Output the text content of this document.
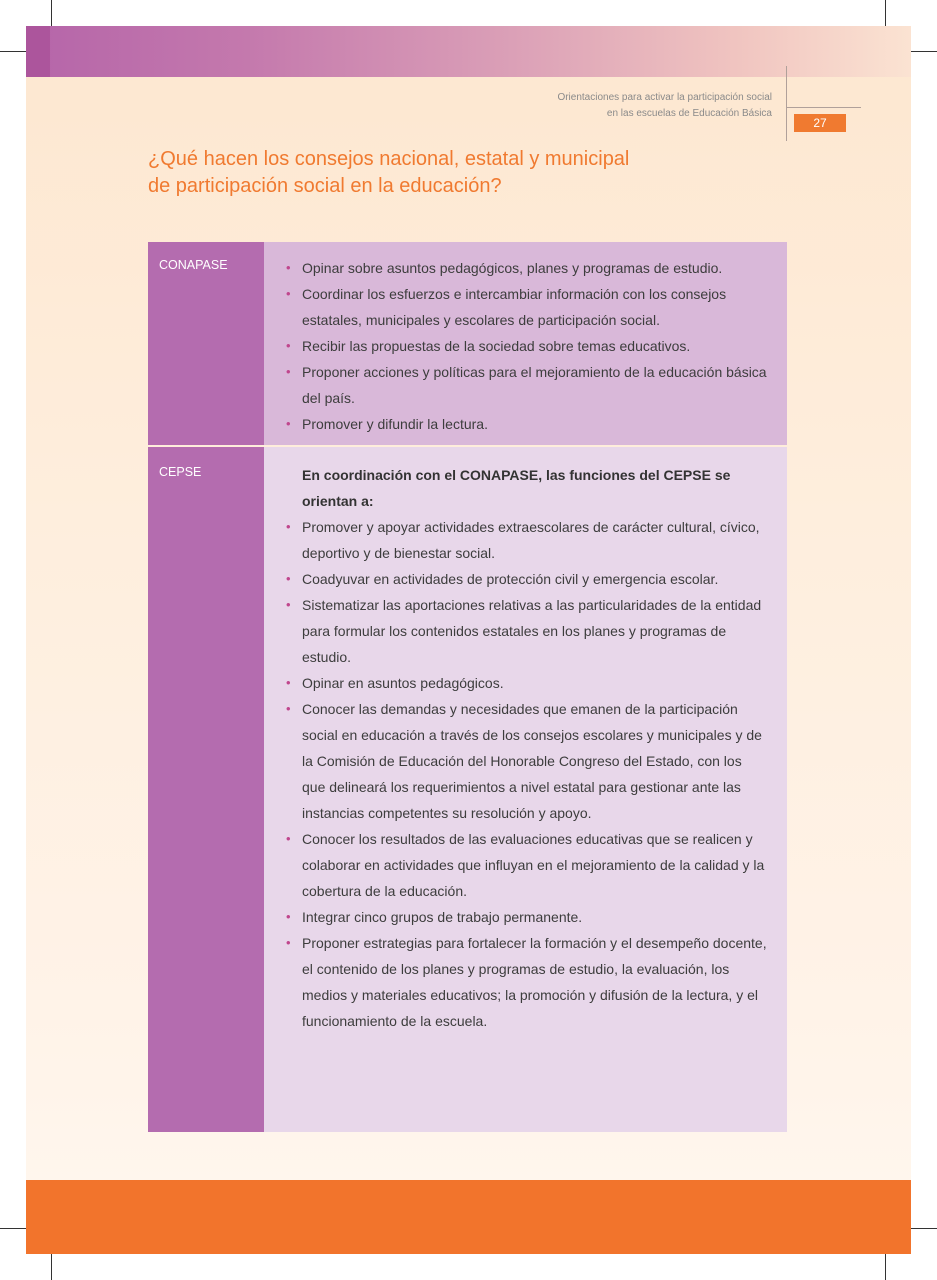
Orientaciones para activar la participación social
en las escuelas de Educación Básica
27
¿Qué hacen los consejos nacional, estatal y municipal
de participación social en la educación?
CONAPASE
•	Opinar sobre asuntos pedagógicos, planes y programas de estudio.
• Coordinar los esfuerzos e intercambiar información con los consejos estatales, municipales y escolares de participación social.
• Recibir las propuestas de la sociedad sobre temas educativos.
• Proponer acciones y políticas para el mejoramiento de la educación básica del país.
• Promover y difundir la lectura.
CEPSE	En coordinación con el CONAPASE, las funciones del CEPSE se orientan a:
• Promover y apoyar actividades extraescolares de carácter cultural, cívico, deportivo y de bienestar social.
• Coadyuvar en actividades de protección civil y emergencia escolar.
• Sistematizar las aportaciones relativas a las particularidades de la entidad para formular los contenidos estatales en los planes y programas de estudio.
• Opinar en asuntos pedagógicos.
• Conocer las demandas y necesidades que emanen de la participación social en educación a través de los consejos escolares y municipales y de la Comisión de Educación del Honorable Congreso del Estado, con los que delineará los requerimientos a nivel estatal para gestionar ante las instancias competentes su resolución y apoyo.
• Conocer los resultados de las evaluaciones educativas que se realicen y colaborar en actividades que influyan en el mejoramiento de la calidad y la cobertura de la educación.
• Integrar cinco grupos de trabajo permanente.
• Proponer estrategias para fortalecer la formación y el desempeño docente, el contenido de los planes y programas de estudio, la evaluación, los medios y materiales educativos; la promoción y difusión de la lectura, y el funcionamiento de la escuela.
